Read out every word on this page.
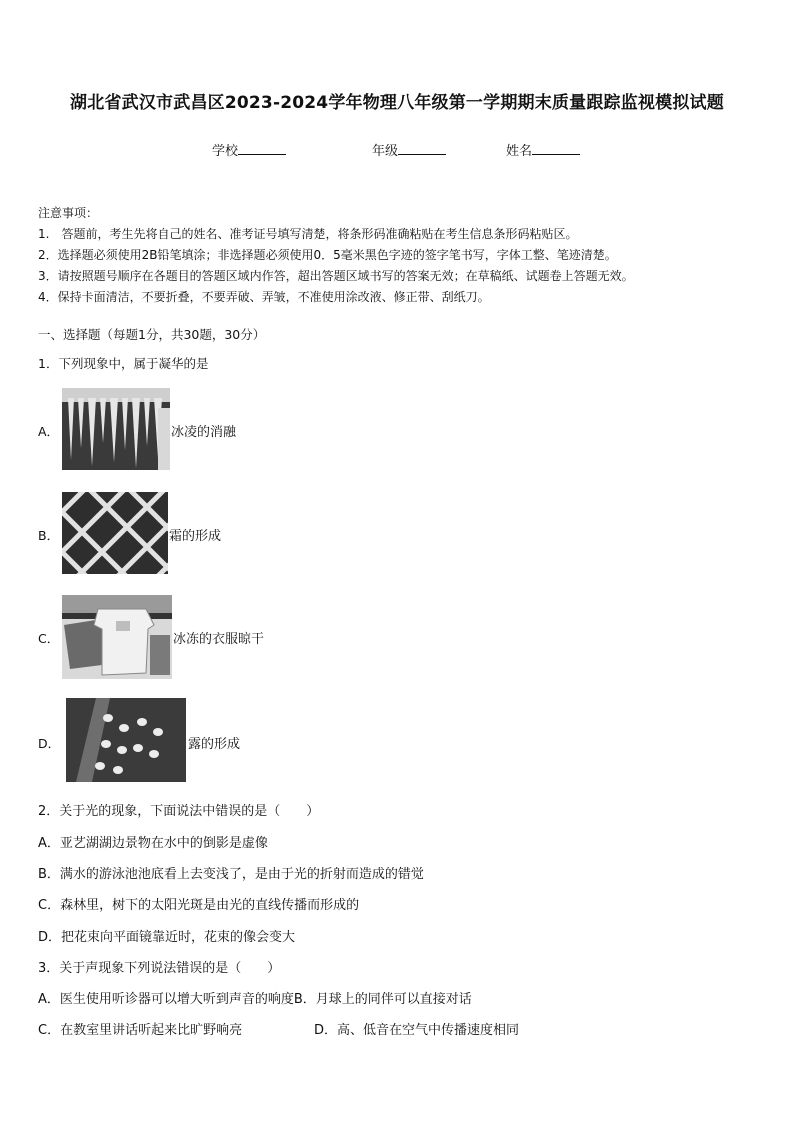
湖北省武汉市武昌区2023-2024学年物理八年级第一学期期末质量跟踪监视模拟试题
学校	年级	姓名
注意事项：
1.　答题前，考生先将自己的姓名、准考证号填写清楚，将条形码准确粘贴在考生信息条形码粘贴区。
2．选择题必须使用2B铅笔填涂；非选择题必须使用0．5毫米黑色字迹的签字笔书写，字体工整、笔迹清楚。
3．请按照题号顺序在各题目的答题区域内作答，超出答题区域书写的答案无效；在草稿纸、试题卷上答题无效。
4．保持卡面清洁，不要折叠，不要弄破、弄皱，不准使用涂改液、修正带、刮纸刀。
一、选择题（每题1分，共30题，30分）
1．下列现象中，属于凝华的是
A．	冰凌的消融
B．	霜的形成
C．	冰冻的衣服晾干
D．	露的形成
2．关于光的现象，下面说法中错误的是（　　）
A．亚艺湖湖边景物在水中的倒影是虚像
B．满水的游泳池池底看上去变浅了，是由于光的折射而造成的错觉
C．森林里，树下的太阳光斑是由光的直线传播而形成的
D．把花束向平面镜靠近时，花束的像会变大
3．关于声现象下列说法错误的是（　　）
A．医生使用听诊器可以增大听到声音的响度B．月球上的同伴可以直接对话
C．在教室里讲话听起来比旷野响亮	D．高、低音在空气中传播速度相同
